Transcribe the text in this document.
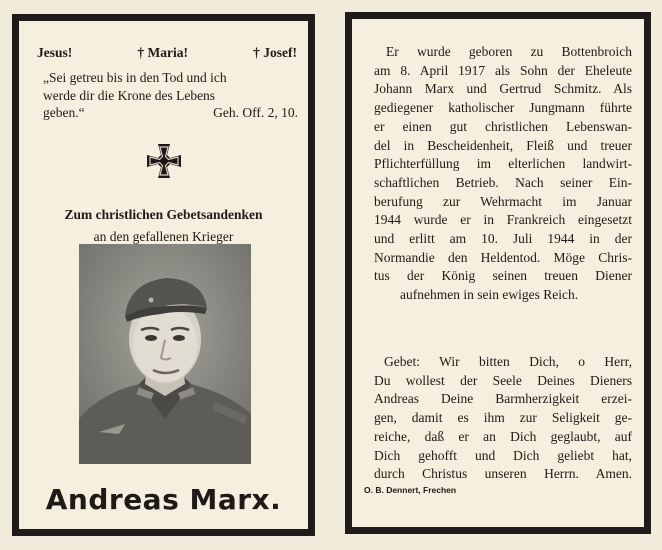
Jesus!	† Maria!	† Josef!
„Sei getreu bis in den Tod und ich
werde dir die Krone des Lebens
geben.“	Geh. Off. 2, 10.
Zum christlichen Gebetsandenken
an den gefallenen Krieger
Andreas Marx.
Er wurde geboren zu Bottenbroich
am 8. April 1917 als Sohn der Eheleute
Johann Marx und Gertrud Schmitz. Als
gediegener katholischer Jungmann führte
er einen gut christlichen Lebenswan-
del in Bescheidenheit, Fleiß und treuer
Pflichterfüllung im elterlichen landwirt-
schaftlichen Betrieb. Nach seiner Ein-
berufung zur Wehrmacht im Januar
1944 wurde er in Frankreich eingesetzt
und erlitt am 10. Juli 1944 in der
Normandie den Heldentod. Möge Chris-
tus der König seinen treuen Diener
aufnehmen in sein ewiges Reich.
Gebet: Wir bitten Dich, o Herr,
Du wollest der Seele Deines Dieners
Andreas Deine Barmherzigkeit erzei-
gen, damit es ihm zur Seligkeit ge-
reiche, daß er an Dich geglaubt, auf
Dich gehofft und Dich geliebt hat,
durch Christus unseren Herrn. Amen.
O. B. Dennert, Frechen
